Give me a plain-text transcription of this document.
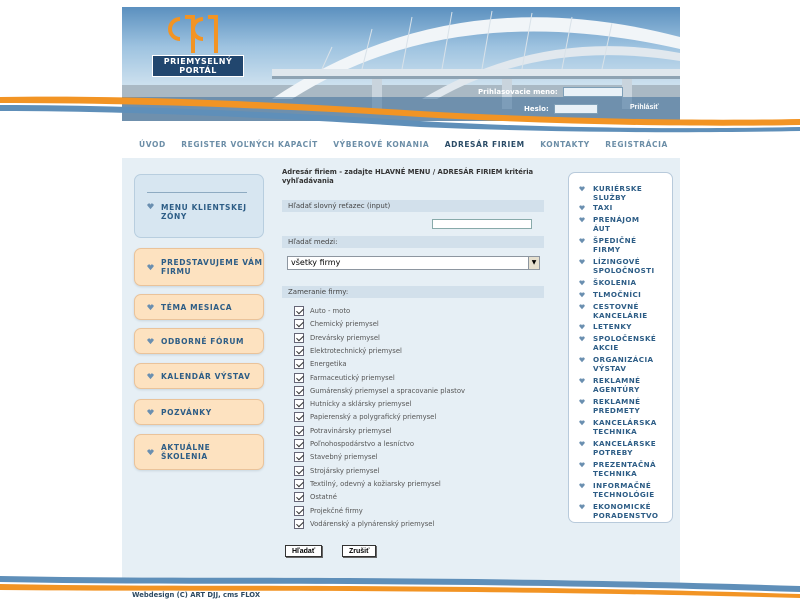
PRIEMYSELNÝ PORTÁL
Prihlasovacie meno:
Heslo:	Prihlásiť
ÚVOD REGISTER VOĽNÝCH KAPACÍT VÝBEROVÉ KONANIA ADRESÁR FIRIEM KONTAKTY REGISTRÁCIA
MENU KLIENTSKEJ ZÓNY
PREDSTAVUJEME VÁM FIRMU
TÉMA MESIACA
ODBORNÉ FÓRUM
KALENDÁR VÝSTAV
POZVÁNKY
AKTUÁLNE ŠKOLENIA
Adresár firiem - zadajte HLAVNÉ MENU / ADRESÁR FIRIEM kritéria vyhľadávania
Hľadať slovný reťazec (input)
Hľadať medzi:
všetky firmy	▼
Zameranie firmy:
Auto - moto
Chemický priemysel
Drevársky priemysel
Elektrotechnický priemysel
Energetika
Farmaceutický priemysel
Gumárenský priemysel a spracovanie plastov
Hutnícky a sklársky priemysel
Papierenský a polygrafický priemysel
Potravinársky priemysel
Poľnohospodárstvo a lesníctvo
Stavebný priemysel
Strojársky priemysel
Textilný, odevný a kožiarsky priemysel
Ostatné
Projekčné firmy
Vodárenský a plynárenský priemysel
Hľadať	Zrušiť
KURIÉRSKE SLUŽBY
TAXI
PRENÁJOM ÁUT
ŠPEDIČNÉ FIRMY
LÍZINGOVÉ SPOLOČNOSTI
ŠKOLENIA
TLMOČNÍCI
CESTOVNÉ KANCELÁRIE
LETENKY
SPOLOČENSKÉ AKCIE
ORGANIZÁCIA VÝSTAV
REKLAMNÉ AGENTÚRY
REKLAMNÉ PREDMETY
KANCELÁRSKA TECHNIKA
KANCELÁRSKE POTREBY
PREZENTAČNÁ TECHNIKA
INFORMAČNÉ TECHNOLÓGIE
EKONOMICKÉ PORADENSTVO
Webdesign (C) ART DJJ, cms FLOX
